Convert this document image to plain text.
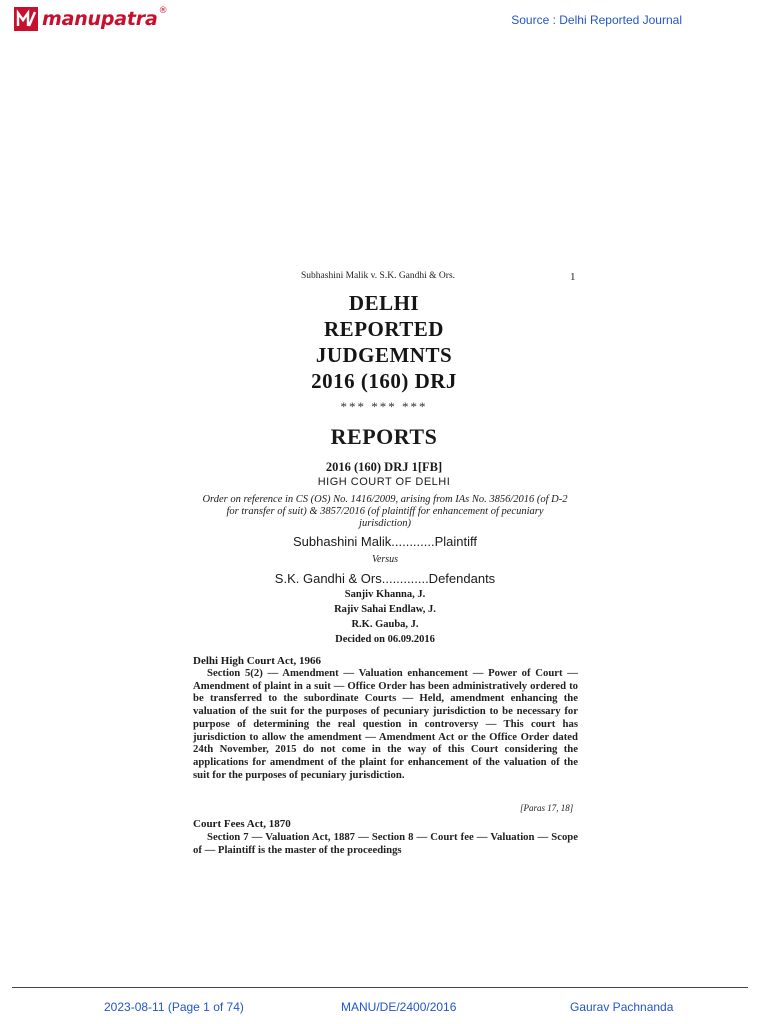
manupatra ®
Source : Delhi Reported Journal
Subhashini Malik v. S.K. Gandhi & Ors.	1
DELHI
REPORTED
JUDGEMNTS
2016 (160) DRJ
*** *** ***
REPORTS
2016 (160) DRJ 1[FB]
HIGH COURT OF DELHI
Order on reference in CS (OS) No. 1416/2009, arising from IAs No. 3856/2016 (of D-2 for transfer of suit) & 3857/2016 (of plaintiff for enhancement of pecuniary jurisdiction)
Subhashini Malik............Plaintiff
Versus
S.K. Gandhi & Ors.............Defendants
Sanjiv Khanna, J.
Rajiv Sahai Endlaw, J.
R.K. Gauba, J.
Decided on 06.09.2016
Delhi High Court Act, 1966
Section 5(2) — Amendment — Valuation enhancement — Power of Court — Amendment of plaint in a suit — Office Order has been administratively ordered to be transferred to the subordinate Courts — Held, amendment enhancing the valuation of the suit for the purposes of pecuniary jurisdiction to be necessary for purpose of determining the real question in controversy — This court has jurisdiction to allow the amendment — Amendment Act or the Office Order dated 24th November, 2015 do not come in the way of this Court considering the applications for amendment of the plaint for enhancement of the valuation of the suit for the purposes of pecuniary jurisdiction.
[Paras 17, 18]
Court Fees Act, 1870
Section 7 — Valuation Act, 1887 — Section 8 — Court fee — Valuation — Scope of — Plaintiff is the master of the proceedings
2023-08-11 (Page 1 of 74)	MANU/DE/2400/2016	Gaurav Pachnanda
